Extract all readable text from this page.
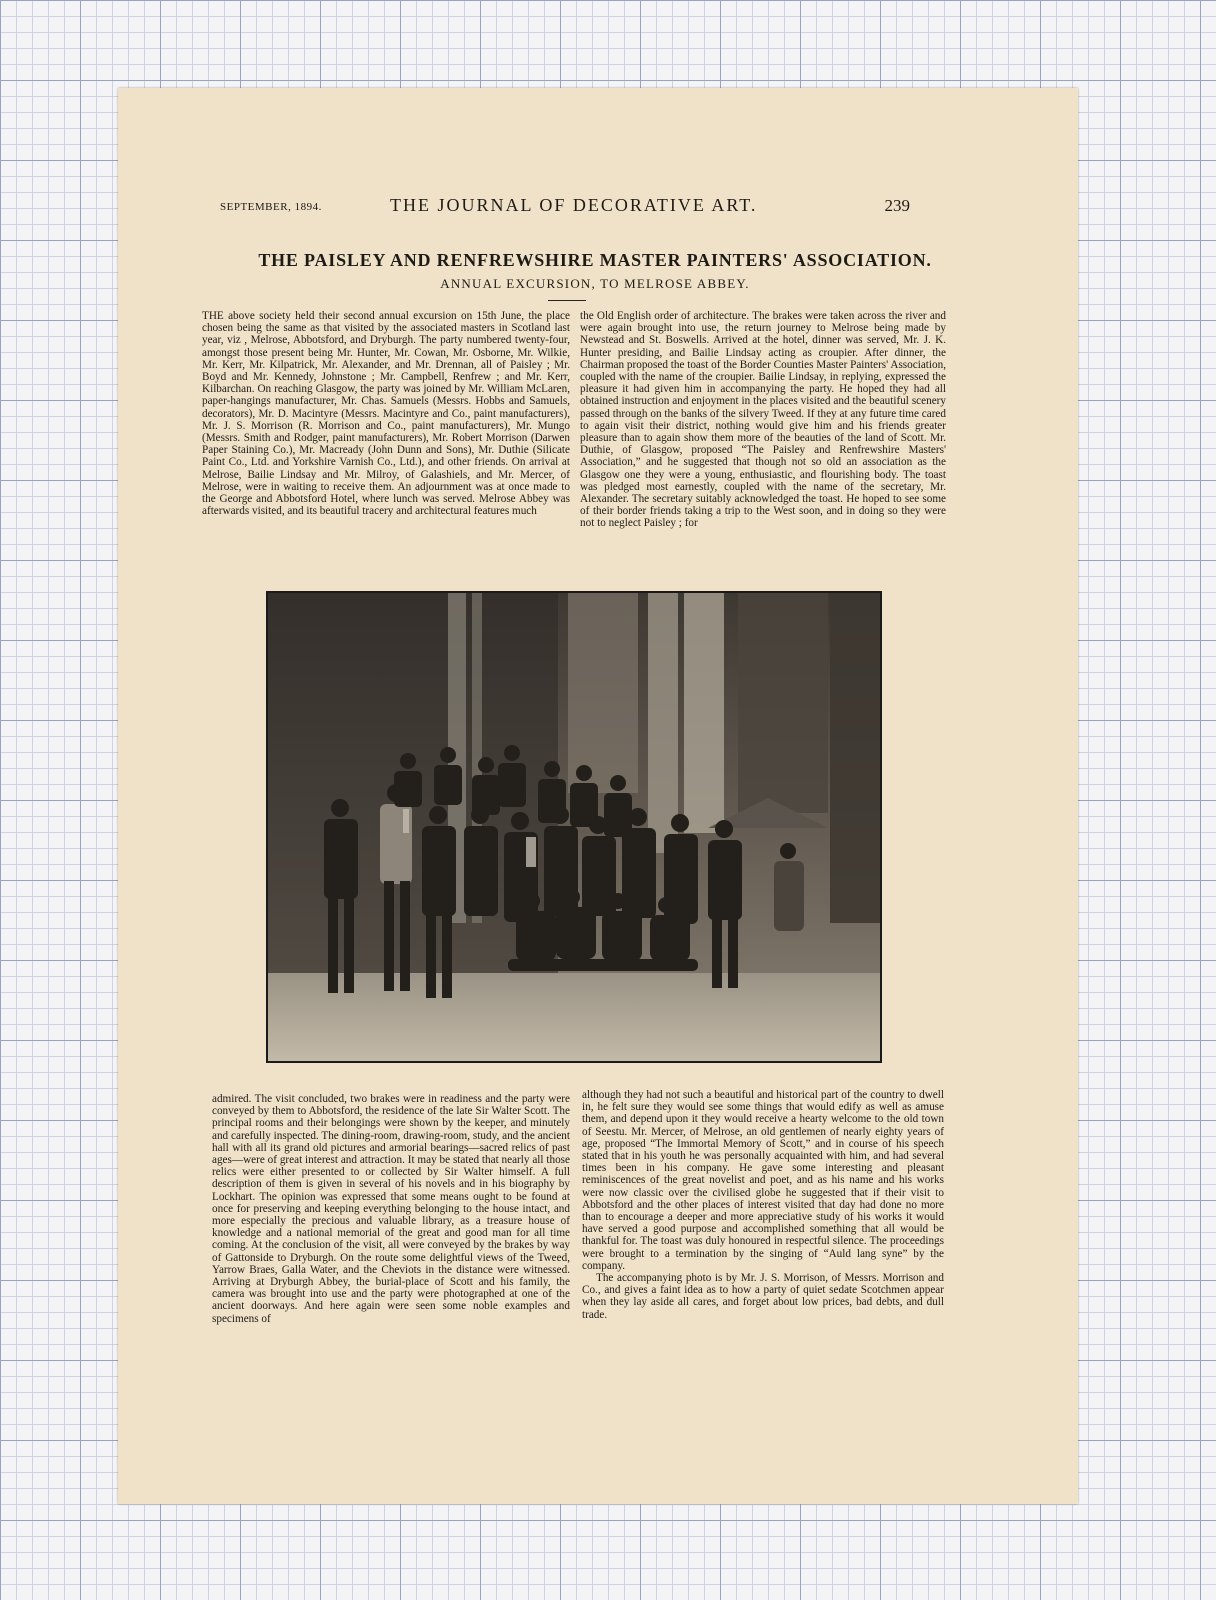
SEPTEMBER, 1894.	THE JOURNAL OF DECORATIVE ART.	239
THE PAISLEY AND RENFREWSHIRE MASTER PAINTERS' ASSOCIATION.
ANNUAL EXCURSION, TO MELROSE ABBEY.

THE above society held their second annual excursion on 15th June, the place chosen being the same as that visited by the associated masters in Scotland last year, viz , Melrose, Abbotsford, and Dryburgh. The party numbered twenty-four, amongst those present being Mr. Hunter, Mr. Cowan, Mr. Osborne, Mr. Wilkie, Mr. Kerr, Mr. Kilpatrick, Mr. Alexander, and Mr. Drennan, all of Paisley ; Mr. Boyd and Mr. Kennedy, Johnstone ; Mr. Campbell, Renfrew ; and Mr. Kerr, Kilbarchan. On reaching Glasgow, the party was joined by Mr. William McLaren, paper-hangings manufacturer, Mr. Chas. Samuels (Messrs. Hobbs and Samuels, decorators), Mr. D. Macintyre (Messrs. Macintyre and Co., paint manufacturers), Mr. J. S. Morrison (R. Morrison and Co., paint manufacturers), Mr. Mungo (Messrs. Smith and Rodger, paint manufacturers), Mr. Robert Morrison (Darwen Paper Staining Co.), Mr. Macready (John Dunn and Sons), Mr. Duthie (Silicate Paint Co., Ltd. and Yorkshire Varnish Co., Ltd.), and other friends. On arrival at Melrose, Bailie Lindsay and Mr. Milroy, of Galashiels, and Mr. Mercer, of Melrose, were in waiting to receive them. An adjournment was at once made to the George and Abbotsford Hotel, where lunch was served. Melrose Abbey was afterwards visited, and its beautiful tracery and architectural features much

the Old English order of architecture. The brakes were taken across the river and were again brought into use, the return journey to Melrose being made by Newstead and St. Boswells. Arrived at the hotel, dinner was served, Mr. J. K. Hunter presiding, and Bailie Lindsay acting as croupier. After dinner, the Chairman proposed the toast of the Border Counties Master Painters' Association, coupled with the name of the croupier. Bailie Lindsay, in replying, expressed the pleasure it had given him in accompanying the party. He hoped they had all obtained instruction and enjoyment in the places visited and the beautiful scenery passed through on the banks of the silvery Tweed. If they at any future time cared to again visit their district, nothing would give him and his friends greater pleasure than to again show them more of the beauties of the land of Scott. Mr. Duthie, of Glasgow, proposed “The Paisley and Renfrewshire Masters' Association,” and he suggested that though not so old an association as the Glasgow one they were a young, enthusiastic, and flourishing body. The toast was pledged most earnestly, coupled with the name of the secretary, Mr. Alexander. The secretary suitably acknowledged the toast. He hoped to see some of their border friends taking a trip to the West soon, and in doing so they were not to neglect Paisley ; for

admired. The visit concluded, two brakes were in readiness and the party were conveyed by them to Abbotsford, the residence of the late Sir Walter Scott. The principal rooms and their belongings were shown by the keeper, and minutely and carefully inspected. The dining-room, drawing-room, study, and the ancient hall with all its grand old pictures and armorial bearings—sacred relics of past ages—were of great interest and attraction. It may be stated that nearly all those relics were either presented to or collected by Sir Walter himself. A full description of them is given in several of his novels and in his biography by Lockhart. The opinion was expressed that some means ought to be found at once for preserving and keeping everything belonging to the house intact, and more especially the precious and valuable library, as a treasure house of knowledge and a national memorial of the great and good man for all time coming. At the conclusion of the visit, all were conveyed by the brakes by way of Gattonside to Dryburgh. On the route some delightful views of the Tweed, Yarrow Braes, Galla Water, and the Cheviots in the distance were witnessed. Arriving at Dryburgh Abbey, the burial-place of Scott and his family, the camera was brought into use and the party were photographed at one of the ancient doorways. And here again were seen some noble examples and specimens of

although they had not such a beautiful and historical part of the country to dwell in, he felt sure they would see some things that would edify as well as amuse them, and depend upon it they would receive a hearty welcome to the old town of Seestu. Mr. Mercer, of Melrose, an old gentlemen of nearly eighty years of age, proposed “The Immortal Memory of Scott,” and in course of his speech stated that in his youth he was personally acquainted with him, and had several times been in his company. He gave some interesting and pleasant reminiscences of the great novelist and poet, and as his name and his works were now classic over the civilised globe he suggested that if their visit to Abbotsford and the other places of interest visited that day had done no more than to encourage a deeper and more appreciative study of his works it would have served a good purpose and accomplished something that all would be thankful for. The toast was duly honoured in respectful silence. The proceedings were brought to a termination by the singing of “Auld lang syne” by the company.

The accompanying photo is by Mr. J. S. Morrison, of Messrs. Morrison and Co., and gives a faint idea as to how a party of quiet sedate Scotchmen appear when they lay aside all cares, and forget about low prices, bad debts, and dull trade.
